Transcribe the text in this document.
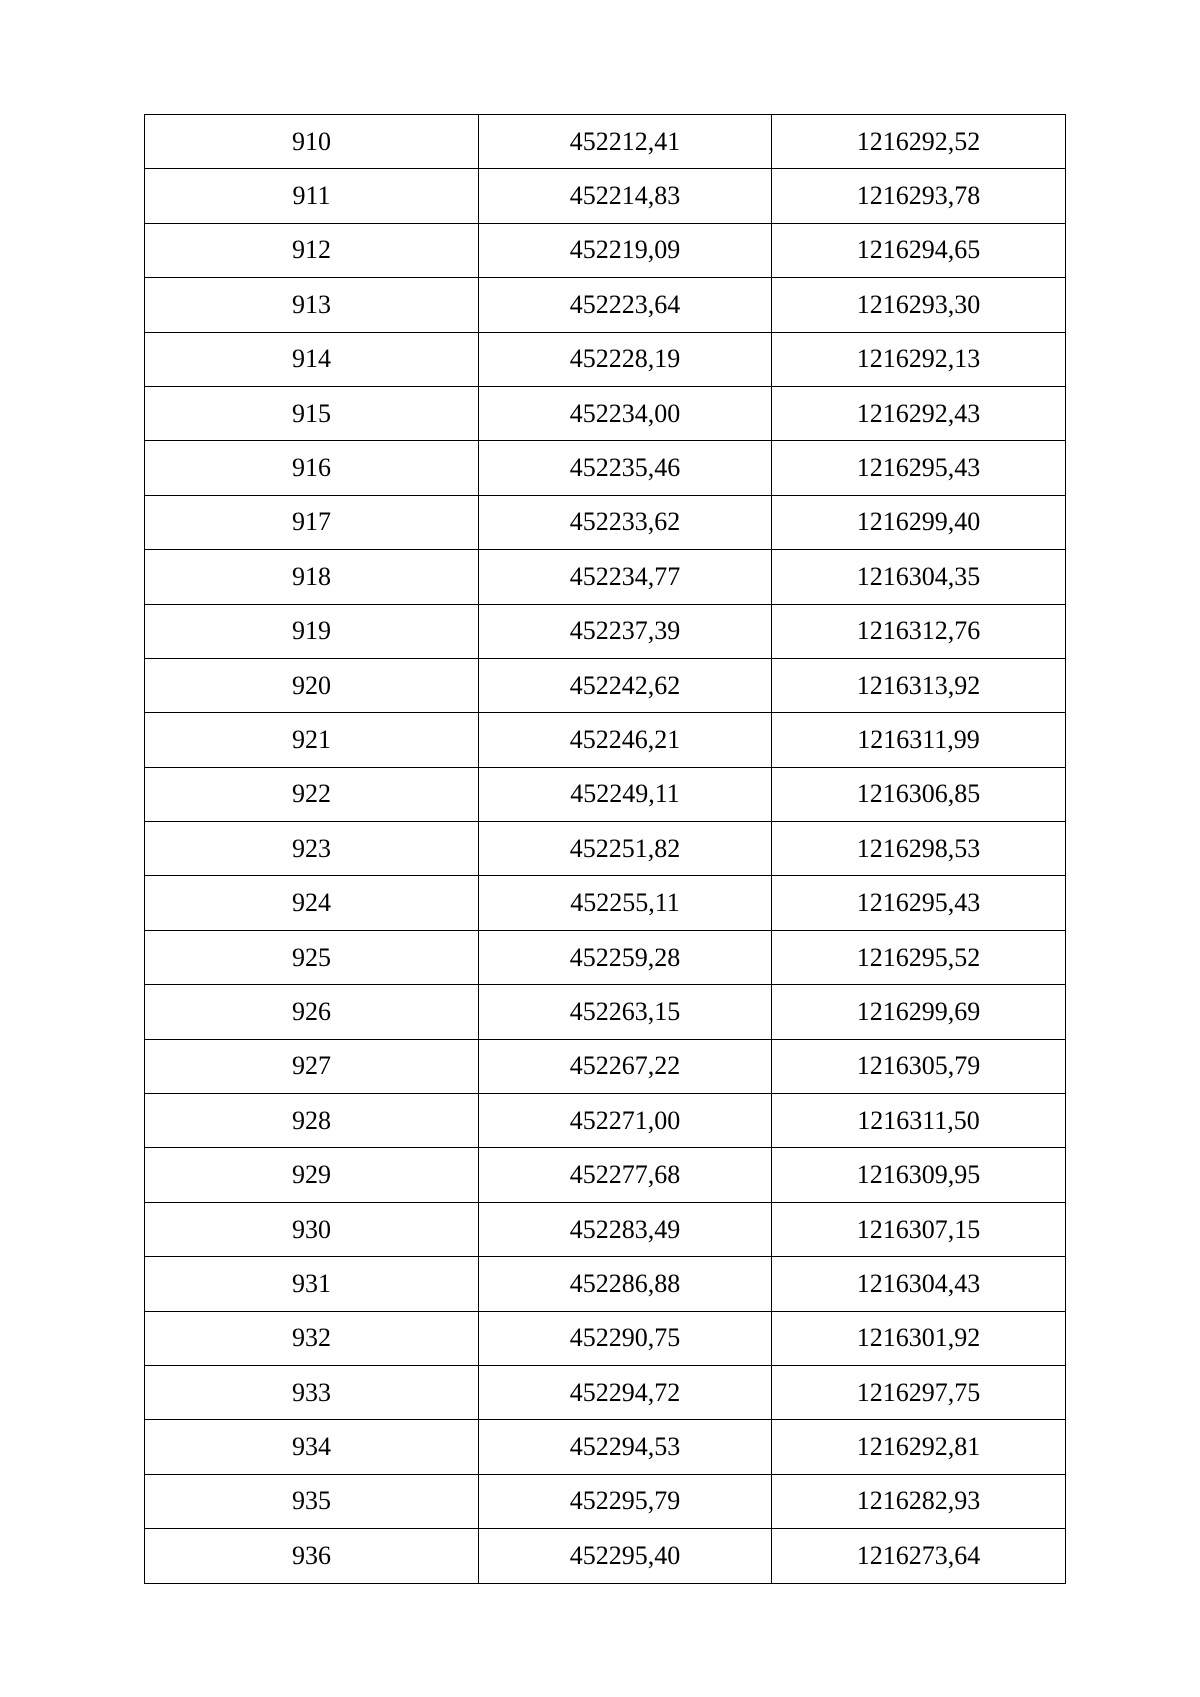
910	452212,41	1216292,52
911	452214,83	1216293,78
912	452219,09	1216294,65
913	452223,64	1216293,30
914	452228,19	1216292,13
915	452234,00	1216292,43
916	452235,46	1216295,43
917	452233,62	1216299,40
918	452234,77	1216304,35
919	452237,39	1216312,76
920	452242,62	1216313,92
921	452246,21	1216311,99
922	452249,11	1216306,85
923	452251,82	1216298,53
924	452255,11	1216295,43
925	452259,28	1216295,52
926	452263,15	1216299,69
927	452267,22	1216305,79
928	452271,00	1216311,50
929	452277,68	1216309,95
930	452283,49	1216307,15
931	452286,88	1216304,43
932	452290,75	1216301,92
933	452294,72	1216297,75
934	452294,53	1216292,81
935	452295,79	1216282,93
936	452295,40	1216273,64
